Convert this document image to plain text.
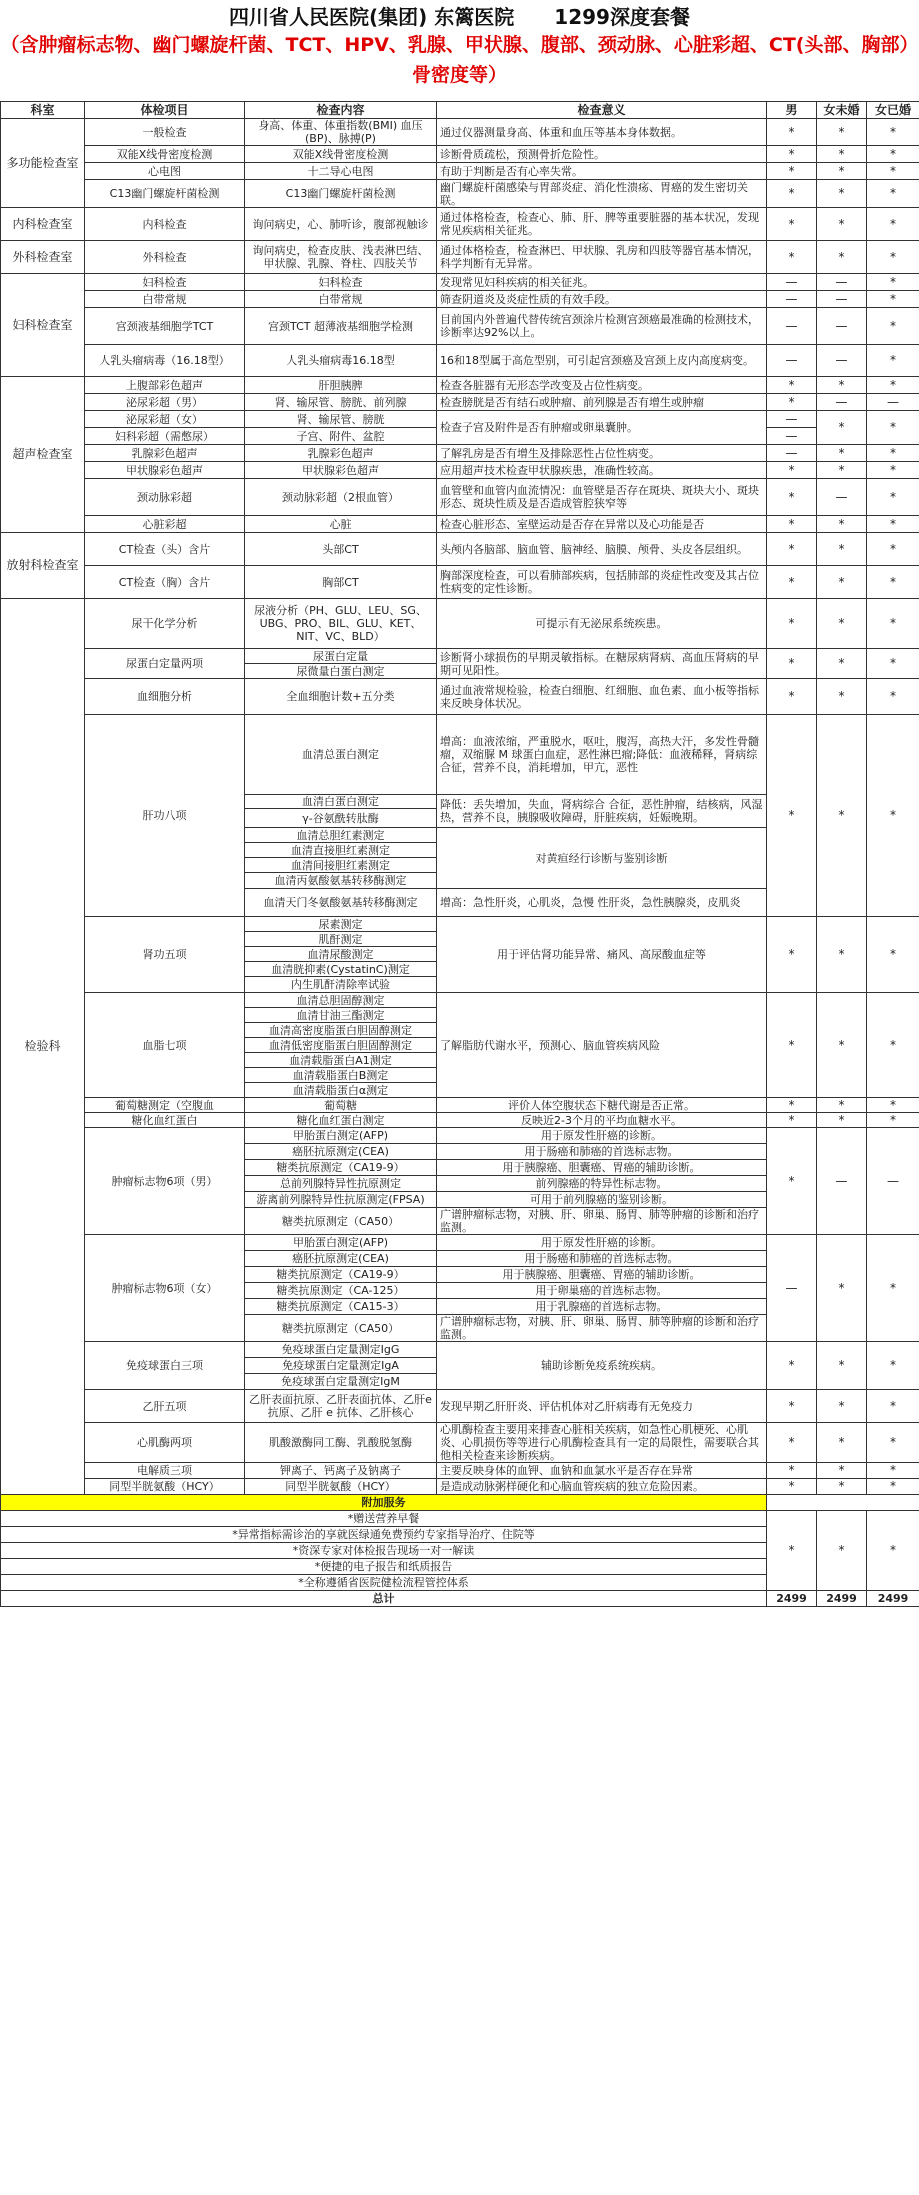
四川省人民医院(集团) 东篱医院　　1299深度套餐
（含肿瘤标志物、幽门螺旋杆菌、TCT、HPV、乳腺、甲状腺、腹部、颈动脉、心脏彩超、CT(头部、胸部）骨密度等）
科室	体检项目	检查内容	检查意义	男	女未婚	女已婚
多功能检查室	一般检查	身高、体重、体重指数(BMI) 血压(BP)、脉搏(P)	通过仪器测量身高、体重和血压等基本身体数据。	*	*	*
	双能X线骨密度检测	双能X线骨密度检测	诊断骨质疏松，预测骨折危险性。	*	*	*
	心电图	十二导心电图	有助于判断是否有心率失常。	*	*	*
	C13幽门螺旋杆菌检测	C13幽门螺旋杆菌检测	幽门螺旋杆菌感染与胃部炎症、消化性溃疡、胃癌的发生密切关联。	*	*	*
内科检查室	内科检查	询问病史，心、肺听诊，腹部视触诊	通过体格检查，检查心、肺、肝、脾等重要脏器的基本状况，发现常见疾病相关征兆。	*	*	*
外科检查室	外科检查	询问病史，检查皮肤、浅表淋巴结、甲状腺、乳腺、脊柱、四肢关节	通过体格检查，检查淋巴、甲状腺、乳房和四肢等器官基本情况，科学判断有无异常。	*	*	*
妇科检查室	妇科检查	妇科检查	发现常见妇科疾病的相关征兆。	—	—	*
	白带常规	白带常规	筛查阴道炎及炎症性质的有效手段。	—	—	*
	宫颈液基细胞学TCT	宫颈TCT 超薄液基细胞学检测	目前国内外普遍代替传统宫颈涂片检测宫颈癌最准确的检测技术，诊断率达92%以上。	—	—	*
	人乳头瘤病毒（16.18型）	人乳头瘤病毒16.18型	16和18型属于高危型别，可引起宫颈癌及宫颈上皮内高度病变。	—	—	*
超声检查室	上腹部彩色超声	肝胆胰脾	检查各脏器有无形态学改变及占位性病变。	*	*	*
	泌尿彩超（男）	肾、输尿管、膀胱、前列腺	检查膀胱是否有结石或肿瘤、前列腺是否有增生或肿瘤	*	—	—
	泌尿彩超（女）	肾、输尿管、膀胱	检查子宫及附件是否有肿瘤或卵巢囊肿。	—	*	*
	妇科彩超（需憋尿）	子宫、附件、盆腔		—		
	乳腺彩色超声	乳腺彩色超声	了解乳房是否有增生及排除恶性占位性病变。	—	*	*
	甲状腺彩色超声	甲状腺彩色超声	应用超声技术检查甲状腺疾患，准确性较高。	*	*	*
	颈动脉彩超	颈动脉彩超（2根血管）	血管壁和血管内血流情况：血管壁是否存在斑块、斑块大小、斑块形态、斑块性质及是否造成管腔狭窄等	*	—	*
	心脏彩超	心脏	检查心脏形态、室壁运动是否存在异常以及心功能是否	*	*	*
放射科检查室	CT检查（头）含片	头部CT	头颅内各脑部、脑血管、脑神经、脑膜、颅骨、头皮各层组织。	*	*	*
	CT检查（胸）含片	胸部CT	胸部深度检查，可以看肺部疾病，包括肺部的炎症性改变及其占位性病变的定性诊断。	*	*	*
检验科	尿干化学分析	尿液分析（PH、GLU、LEU、SG、UBG、PRO、BIL、GLU、KET、NIT、VC、BLD）	可提示有无泌尿系统疾患。	*	*	*
	尿蛋白定量两项	尿蛋白定量	诊断肾小球损伤的早期灵敏指标。在糖尿病肾病、高血压肾病的早期可见阳性。	*	*	*
		尿微量白蛋白测定				
	血细胞分析	全血细胞计数+五分类	通过血液常规检验，检查白细胞、红细胞、血色素、血小板等指标来反映身体状况。	*	*	*
	肝功八项	血清总蛋白测定	增高：血液浓缩，严重脱水，呕吐，腹泻，高热大汗，多发性骨髓瘤，双缩脲 M 球蛋白血症，恶性淋巴瘤;降低：血液稀释，肾病综合征，营养不良，消耗增加，甲亢，恶性	*	*	*
		血清白蛋白测定	降低：丢失增加，失血，肾病综合 合征，恶性肿瘤，结核病，风湿热，营养不良，胰腺吸收障碍，肝脏疾病，妊娠晚期。			
		γ-谷氨酰转肽酶				
		血清总胆红素测定	对黄疸经行诊断与鉴别诊断			
		血清直接胆红素测定				
		血清间接胆红素测定				
		血清丙氨酸氨基转移酶测定				
		血清天门冬氨酸氨基转移酶测定	增高：急性肝炎，心肌炎，急慢 性肝炎，急性胰腺炎，皮肌炎			
	肾功五项	尿素测定	用于评估肾功能异常、痛风、高尿酸血症等	*	*	*
		肌酐测定				
		血清尿酸测定				
		血清胱抑素(CystatinC)测定				
		内生肌酐清除率试验				
	血脂七项	血清总胆固醇测定	了解脂肪代谢水平，预测心、脑血管疾病风险	*	*	*
		血清甘油三酯测定				
		血清高密度脂蛋白胆固醇测定				
		血清低密度脂蛋白胆固醇测定				
		血清载脂蛋白A1测定				
		血清载脂蛋白B测定				
		血清载脂蛋白α测定				
	葡萄糖测定（空腹血	葡萄糖	评价人体空腹状态下糖代谢是否正常。	*	*	*
	糖化血红蛋白	糖化血红蛋白测定	反映近2-3个月的平均血糖水平。	*	*	*
	肿瘤标志物6项（男）	甲胎蛋白测定(AFP)	用于原发性肝癌的诊断。	*	—	—
		癌胚抗原测定(CEA)	用于肠癌和肺癌的首选标志物。			
		糖类抗原测定（CA19-9）	用于胰腺癌、胆囊癌、胃癌的辅助诊断。			
		总前列腺特异性抗原测定	前列腺癌的特异性标志物。			
		游离前列腺特异性抗原测定(FPSA)	可用于前列腺癌的鉴别诊断。			
		糖类抗原测定（CA50）	广谱肿瘤标志物，对胰、肝、卵巢、肠胃、肺等肿瘤的诊断和治疗监测。			
	肿瘤标志物6项（女）	甲胎蛋白测定(AFP)	用于原发性肝癌的诊断。	—	*	*
		癌胚抗原测定(CEA)	用于肠癌和肺癌的首选标志物。			
		糖类抗原测定（CA19-9）	用于胰腺癌、胆囊癌、胃癌的辅助诊断。			
		糖类抗原测定（CA-125）	用于卵巢癌的首选标志物。			
		糖类抗原测定（CA15-3）	用于乳腺癌的首选标志物。			
		糖类抗原测定（CA50）	广谱肿瘤标志物，对胰、肝、卵巢、肠胃、肺等肿瘤的诊断和治疗监测。			
	免疫球蛋白三项	免疫球蛋白定量测定IgG	辅助诊断免疫系统疾病。	*	*	*
		免疫球蛋白定量测定IgA				
		免疫球蛋白定量测定IgM				
	乙肝五项	乙肝表面抗原、乙肝表面抗体、乙肝e抗原、乙肝 e 抗体、乙肝核心	发现早期乙肝肝炎、评估机体对乙肝病毒有无免疫力	*	*	*
	心肌酶两项	肌酸激酶同工酶、乳酸脱氢酶	心肌酶检查主要用来排查心脏相关疾病，如急性心肌梗死、心肌炎、心肌损伤等等进行心肌酶检查具有一定的局限性，需要联合其他相关检查来诊断疾病。	*	*	*
	电解质三项	钾离子、钙离子及钠离子	主要反映身体的血钾、血钠和血氯水平是否存在异常	*	*	*
	同型半胱氨酸（HCY）	同型半胱氨酸（HCY）	是造成动脉粥样硬化和心脑血管疾病的独立危险因素。	*	*	*
附加服务						
*赠送营养早餐				*	*	*
*异常指标需诊治的享就医绿通免费预约专家指导治疗、住院等						
*资深专家对体检报告现场一对一解读						
*便捷的电子报告和纸质报告						
*全称遵循省医院健检流程管控体系						
总计				2499	2499	2499
